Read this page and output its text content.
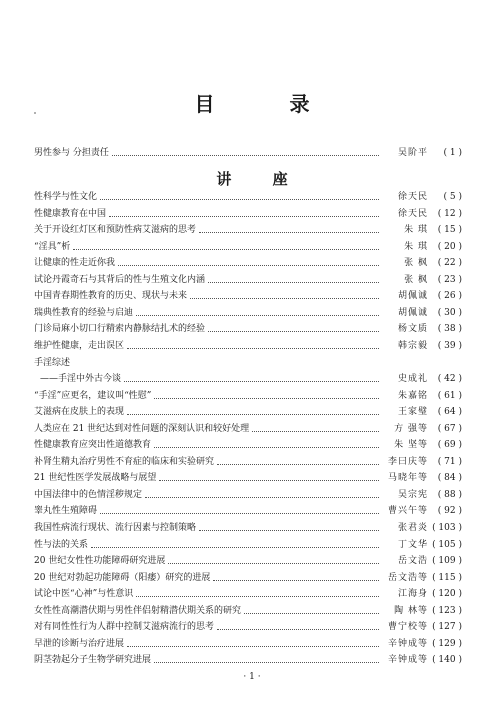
目 录
男性参与 分担责任	吴阶平	( 1 )
讲 座
性科学与性文化	徐天民	( 5 )
性健康教育在中国	徐天民	( 12 )
关于开设红灯区和预防性病艾滋病的思考	朱 琪	( 15 )
“淫具”析	朱 琪	( 20 )
让健康的性走近你我	张 枫	( 22 )
试论丹霞奇石与其背后的性与生殖文化内涵	张 枫	( 23 )
中国青春期性教育的历史、现状与未来	胡佩诚	( 26 )
瑞典性教育的经验与启迪	胡佩诚	( 30 )
门诊局麻小切口行精索内静脉结扎术的经验	杨文质	( 38 )
维护性健康，走出误区	韩宗毅	( 39 )
手淫综述
——手淫中外古今谈	史成礼	( 42 )
“手淫”应更名，建议叫“性慰”	朱嘉铭	( 61 )
艾滋病在皮肤上的表现	王家璧	( 64 )
人类应在 21 世纪达到对性问题的深刻认识和较好处理	方 强等	( 67 )
性健康教育应突出性道德教育	朱 坚等	( 69 )
补肾生精丸治疗男性不育症的临床和实验研究	李曰庆等	( 71 )
21 世纪性医学发展战略与展望	马晓年等	( 84 )
中国法律中的色情淫秽规定	吴宗宪	( 88 )
睾丸性生殖障碍	曹兴午等	( 92 )
我国性病流行现状、流行因素与控制策略	张君炎 ( 103 )
性与法的关系	丁文华 ( 105 )
20 世纪女性性功能障碍研究进展	岳文浩 ( 109 )
20 世纪对勃起功能障碍（阳痿）研究的进展	岳文浩等 ( 115 )
试论中医“心神”与性意识	江海身 ( 120 )
女性性高潮潜伏期与男性伴侣射精潜伏期关系的研究	陶 林等 ( 123 )
对有同性性行为人群中控制艾滋病流行的思考	曹宁校等 ( 127 )
早泄的诊断与治疗进展	辛钟成等 ( 129 )
阴茎勃起分子生物学研究进展	辛钟成等 ( 140 )
· 1 ·
